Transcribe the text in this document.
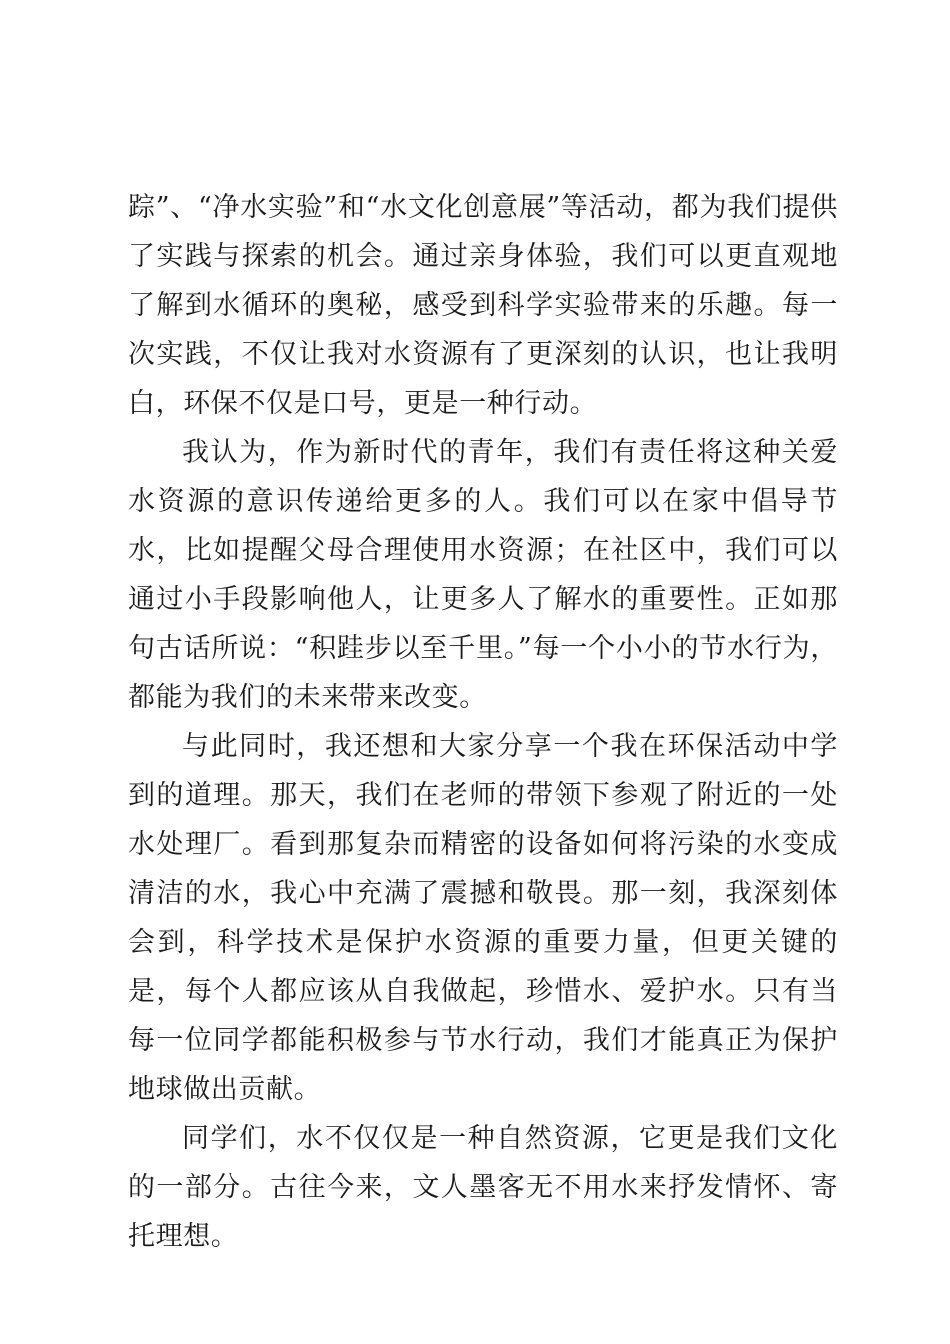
踪”、“净水实验”和“水文化创意展”等活动，都为我们提供了实践与探索的机会。通过亲身体验，我们可以更直观地了解到水循环的奥秘，感受到科学实验带来的乐趣。每一次实践，不仅让我对水资源有了更深刻的认识，也让我明白，环保不仅是口号，更是一种行动。

我认为，作为新时代的青年，我们有责任将这种关爱水资源的意识传递给更多的人。我们可以在家中倡导节水，比如提醒父母合理使用水资源；在社区中，我们可以通过小手段影响他人，让更多人了解水的重要性。正如那句古话所说：“积跬步以至千里。”每一个小小的节水行为，都能为我们的未来带来改变。

与此同时，我还想和大家分享一个我在环保活动中学到的道理。那天，我们在老师的带领下参观了附近的一处水处理厂。看到那复杂而精密的设备如何将污染的水变成清洁的水，我心中充满了震撼和敬畏。那一刻，我深刻体会到，科学技术是保护水资源的重要力量，但更关键的是，每个人都应该从自我做起，珍惜水、爱护水。只有当每一位同学都能积极参与节水行动，我们才能真正为保护地球做出贡献。

同学们，水不仅仅是一种自然资源，它更是我们文化的一部分。古往今来，文人墨客无不用水来抒发情怀、寄托理想。
